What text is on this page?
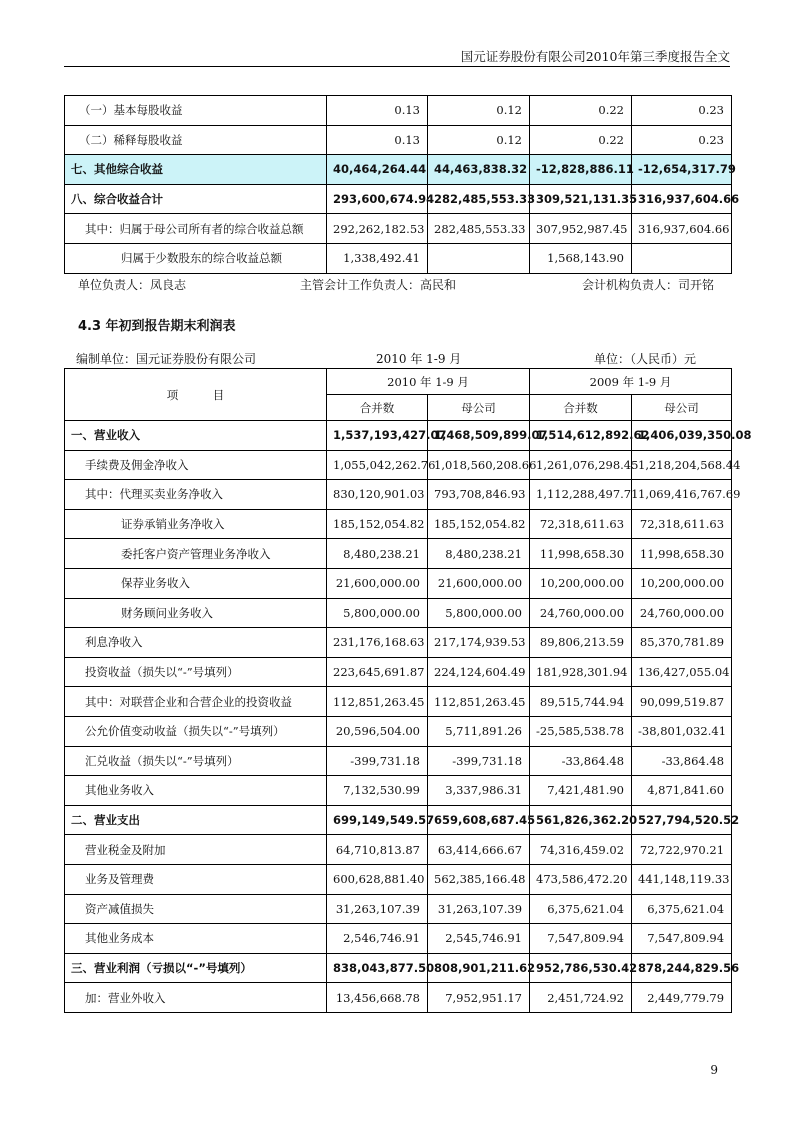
国元证券股份有限公司2010年第三季度报告全文
（一）基本每股收益	0.13	0.12	0.22	0.23
（二）稀释每股收益	0.13	0.12	0.22	0.23
七、其他综合收益	40,464,264.44	44,463,838.32	-12,828,886.11	-12,654,317.79
八、综合收益合计	293,600,674.94	282,485,553.33	309,521,131.35	316,937,604.66
其中：归属于母公司所有者的综合收益总额	292,262,182.53	282,485,553.33	307,952,987.45	316,937,604.66
归属于少数股东的综合收益总额	1,338,492.41		1,568,143.90	
单位负责人：凤良志	主管会计工作负责人：高民和	会计机构负责人：司开铭
4.3 年初到报告期末利润表
编制单位：国元证券股份有限公司	2010 年 1-9 月	单位：（人民币）元
项　　　目	2010 年 1-9 月		2009 年 1-9 月	
	合并数	母公司	合并数	母公司
一、营业收入	1,537,193,427.07	1,468,509,899.07	1,514,612,892.62	1,406,039,350.08
手续费及佣金净收入	1,055,042,262.76	1,018,560,208.66	1,261,076,298.45	1,218,204,568.44
其中：代理买卖业务净收入	830,120,901.03	793,708,846.93	1,112,288,497.71	1,069,416,767.69
证券承销业务净收入	185,152,054.82	185,152,054.82	72,318,611.63	72,318,611.63
委托客户资产管理业务净收入	8,480,238.21	8,480,238.21	11,998,658.30	11,998,658.30
保荐业务收入	21,600,000.00	21,600,000.00	10,200,000.00	10,200,000.00
财务顾问业务收入	5,800,000.00	5,800,000.00	24,760,000.00	24,760,000.00
利息净收入	231,176,168.63	217,174,939.53	89,806,213.59	85,370,781.89
投资收益（损失以“-”号填列）	223,645,691.87	224,124,604.49	181,928,301.94	136,427,055.04
其中：对联营企业和合营企业的投资收益	112,851,263.45	112,851,263.45	89,515,744.94	90,099,519.87
公允价值变动收益（损失以“-”号填列）	20,596,504.00	5,711,891.26	-25,585,538.78	-38,801,032.41
汇兑收益（损失以“-”号填列）	-399,731.18	-399,731.18	-33,864.48	-33,864.48
其他业务收入	7,132,530.99	3,337,986.31	7,421,481.90	4,871,841.60
二、营业支出	699,149,549.57	659,608,687.45	561,826,362.20	527,794,520.52
营业税金及附加	64,710,813.87	63,414,666.67	74,316,459.02	72,722,970.21
业务及管理费	600,628,881.40	562,385,166.48	473,586,472.20	441,148,119.33
资产减值损失	31,263,107.39	31,263,107.39	6,375,621.04	6,375,621.04
其他业务成本	2,546,746.91	2,545,746.91	7,547,809.94	7,547,809.94
三、营业利润（亏损以“-”号填列）	838,043,877.50	808,901,211.62	952,786,530.42	878,244,829.56
加：营业外收入	13,456,668.78	7,952,951.17	2,451,724.92	2,449,779.79
9
